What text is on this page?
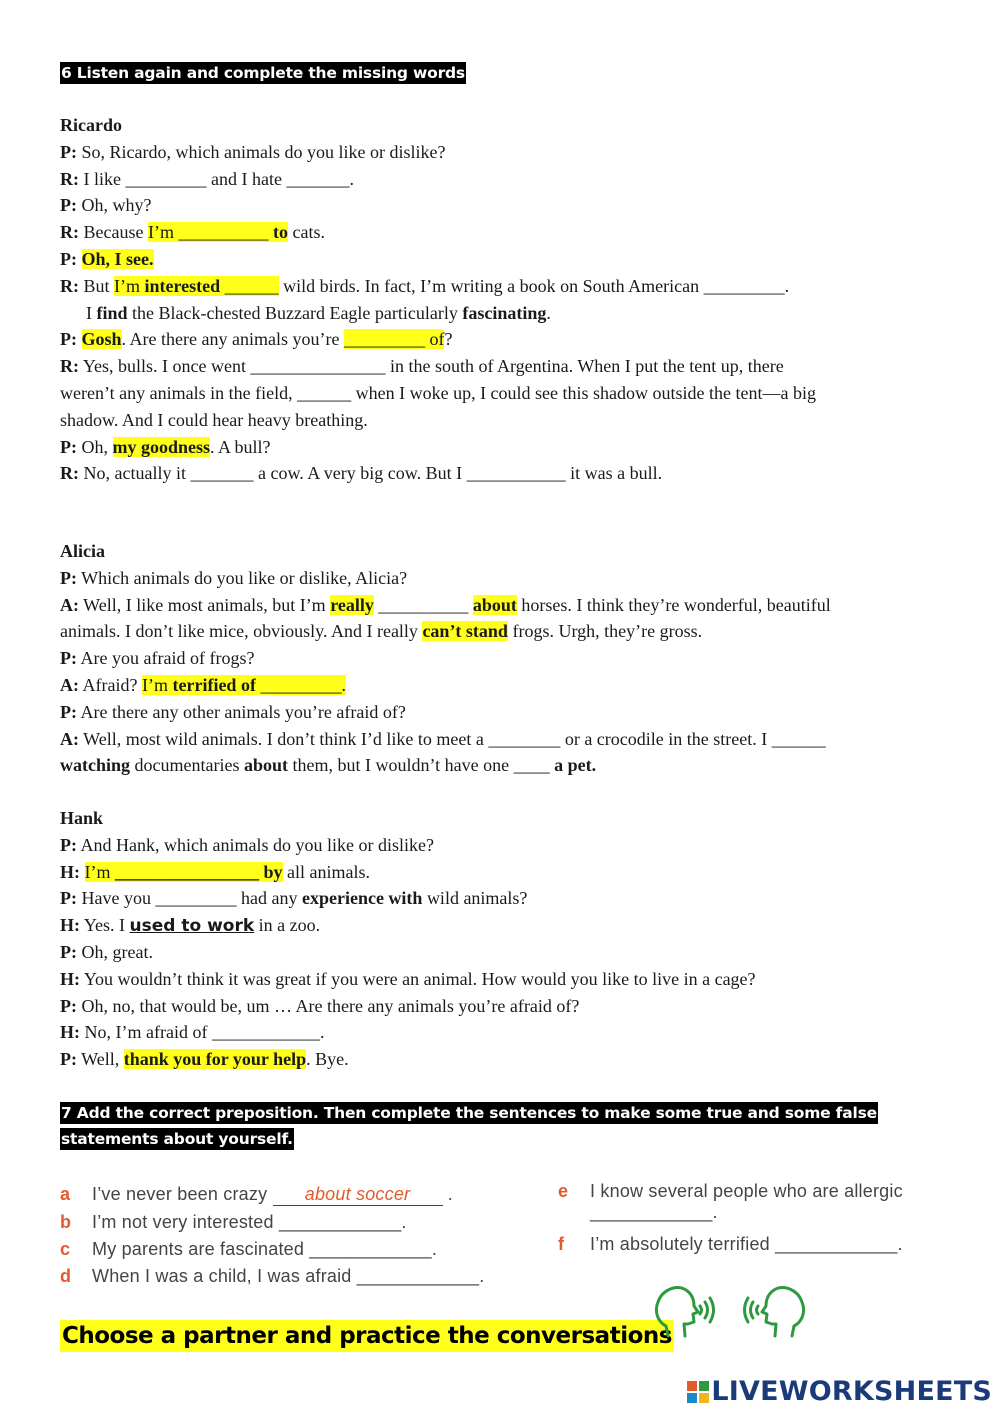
6 Listen again and complete the missing words
Ricardo
P: So, Ricardo, which animals do you like or dislike?
R: I like _________ and I hate _______.
P: Oh, why?
R: Because I’m __________ to cats.
P: Oh, I see.
R: But I’m interested ______ wild birds. In fact, I’m writing a book on South American _________.
I find the Black-chested Buzzard Eagle particularly fascinating.
P: Gosh. Are there any animals you’re _________ of?
R: Yes, bulls. I once went _______________ in the south of Argentina. When I put the tent up, there
weren’t any animals in the field, ______ when I woke up, I could see this shadow outside the tent—a big
shadow. And I could hear heavy breathing.
P: Oh, my goodness. A bull?
R: No, actually it _______ a cow. A very big cow. But I ___________ it was a bull.
Alicia
P: Which animals do you like or dislike, Alicia?
A: Well, I like most animals, but I’m really __________ about horses. I think they’re wonderful, beautiful
animals. I don’t like mice, obviously. And I really can’t stand frogs. Urgh, they’re gross.
P: Are you afraid of frogs?
A: Afraid? I’m terrified of _________.
P: Are there any other animals you’re afraid of?
A: Well, most wild animals. I don’t think I’d like to meet a ________ or a crocodile in the street. I ______
watching documentaries about them, but I wouldn’t have one ____ a pet.
Hank
P: And Hank, which animals do you like or dislike?
H: I’m ________________ by all animals.
P: Have you _________ had any experience with wild animals?
H: Yes. I used to work in a zoo.
P: Oh, great.
H: You wouldn’t think it was great if you were an animal. How would you like to live in a cage?
P: Oh, no, that would be, um … Are there any animals you’re afraid of?
H: No, I’m afraid of ____________.
P: Well, thank you for your help. Bye.
7 Add the correct preposition. Then complete the sentences to make some true and some false
statements about yourself.
a I’ve never been crazy about soccer .
b I’m not very interested ____________.
c My parents are fascinated ____________.
d When I was a child, I was afraid ____________.
e I know several people who are allergic
____________.
f I’m absolutely terrified ____________.
Choose a partner and practice the conversations
LIVEWORKSHEETS
